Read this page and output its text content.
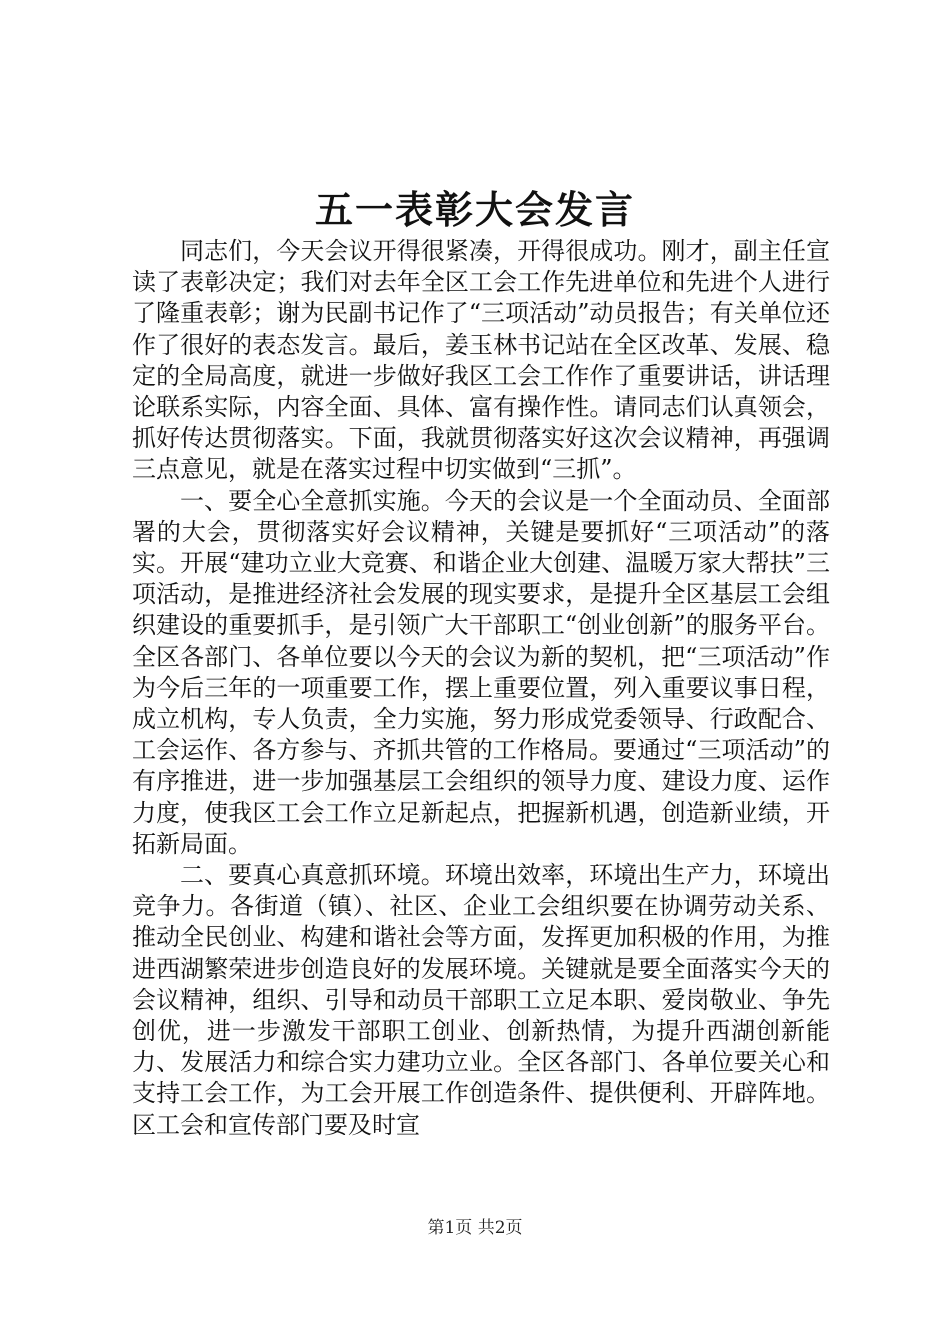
五一表彰大会发言

同志们，今天会议开得很紧凑，开得很成功。刚才，副主任宣读了表彰决定；我们对去年全区工会工作先进单位和先进个人进行了隆重表彰；谢为民副书记作了“三项活动”动员报告；有关单位还作了很好的表态发言。最后，姜玉林书记站在全区改革、发展、稳定的全局高度，就进一步做好我区工会工作作了重要讲话，讲话理论联系实际，内容全面、具体、富有操作性。请同志们认真领会，抓好传达贯彻落实。下面，我就贯彻落实好这次会议精神，再强调三点意见，就是在落实过程中切实做到“三抓”。

一、要全心全意抓实施。今天的会议是一个全面动员、全面部署的大会，贯彻落实好会议精神，关键是要抓好“三项活动”的落实。开展“建功立业大竞赛、和谐企业大创建、温暖万家大帮扶”三项活动，是推进经济社会发展的现实要求，是提升全区基层工会组织建设的重要抓手，是引领广大干部职工“创业创新”的服务平台。全区各部门、各单位要以今天的会议为新的契机，把“三项活动”作为今后三年的一项重要工作，摆上重要位置，列入重要议事日程，成立机构，专人负责，全力实施，努力形成党委领导、行政配合、工会运作、各方参与、齐抓共管的工作格局。要通过“三项活动”的有序推进，进一步加强基层工会组织的领导力度、建设力度、运作力度，使我区工会工作立足新起点，把握新机遇，创造新业绩，开拓新局面。

二、要真心真意抓环境。环境出效率，环境出生产力，环境出竞争力。各街道（镇）、社区、企业工会组织要在协调劳动关系、推动全民创业、构建和谐社会等方面，发挥更加积极的作用，为推进西湖繁荣进步创造良好的发展环境。关键就是要全面落实今天的会议精神，组织、引导和动员干部职工立足本职、爱岗敬业、争先创优，进一步激发干部职工创业、创新热情，为提升西湖创新能力、发展活力和综合实力建功立业。全区各部门、各单位要关心和支持工会工作，为工会开展工作创造条件、提供便利、开辟阵地。区工会和宣传部门要及时宣

第1页 共2页
